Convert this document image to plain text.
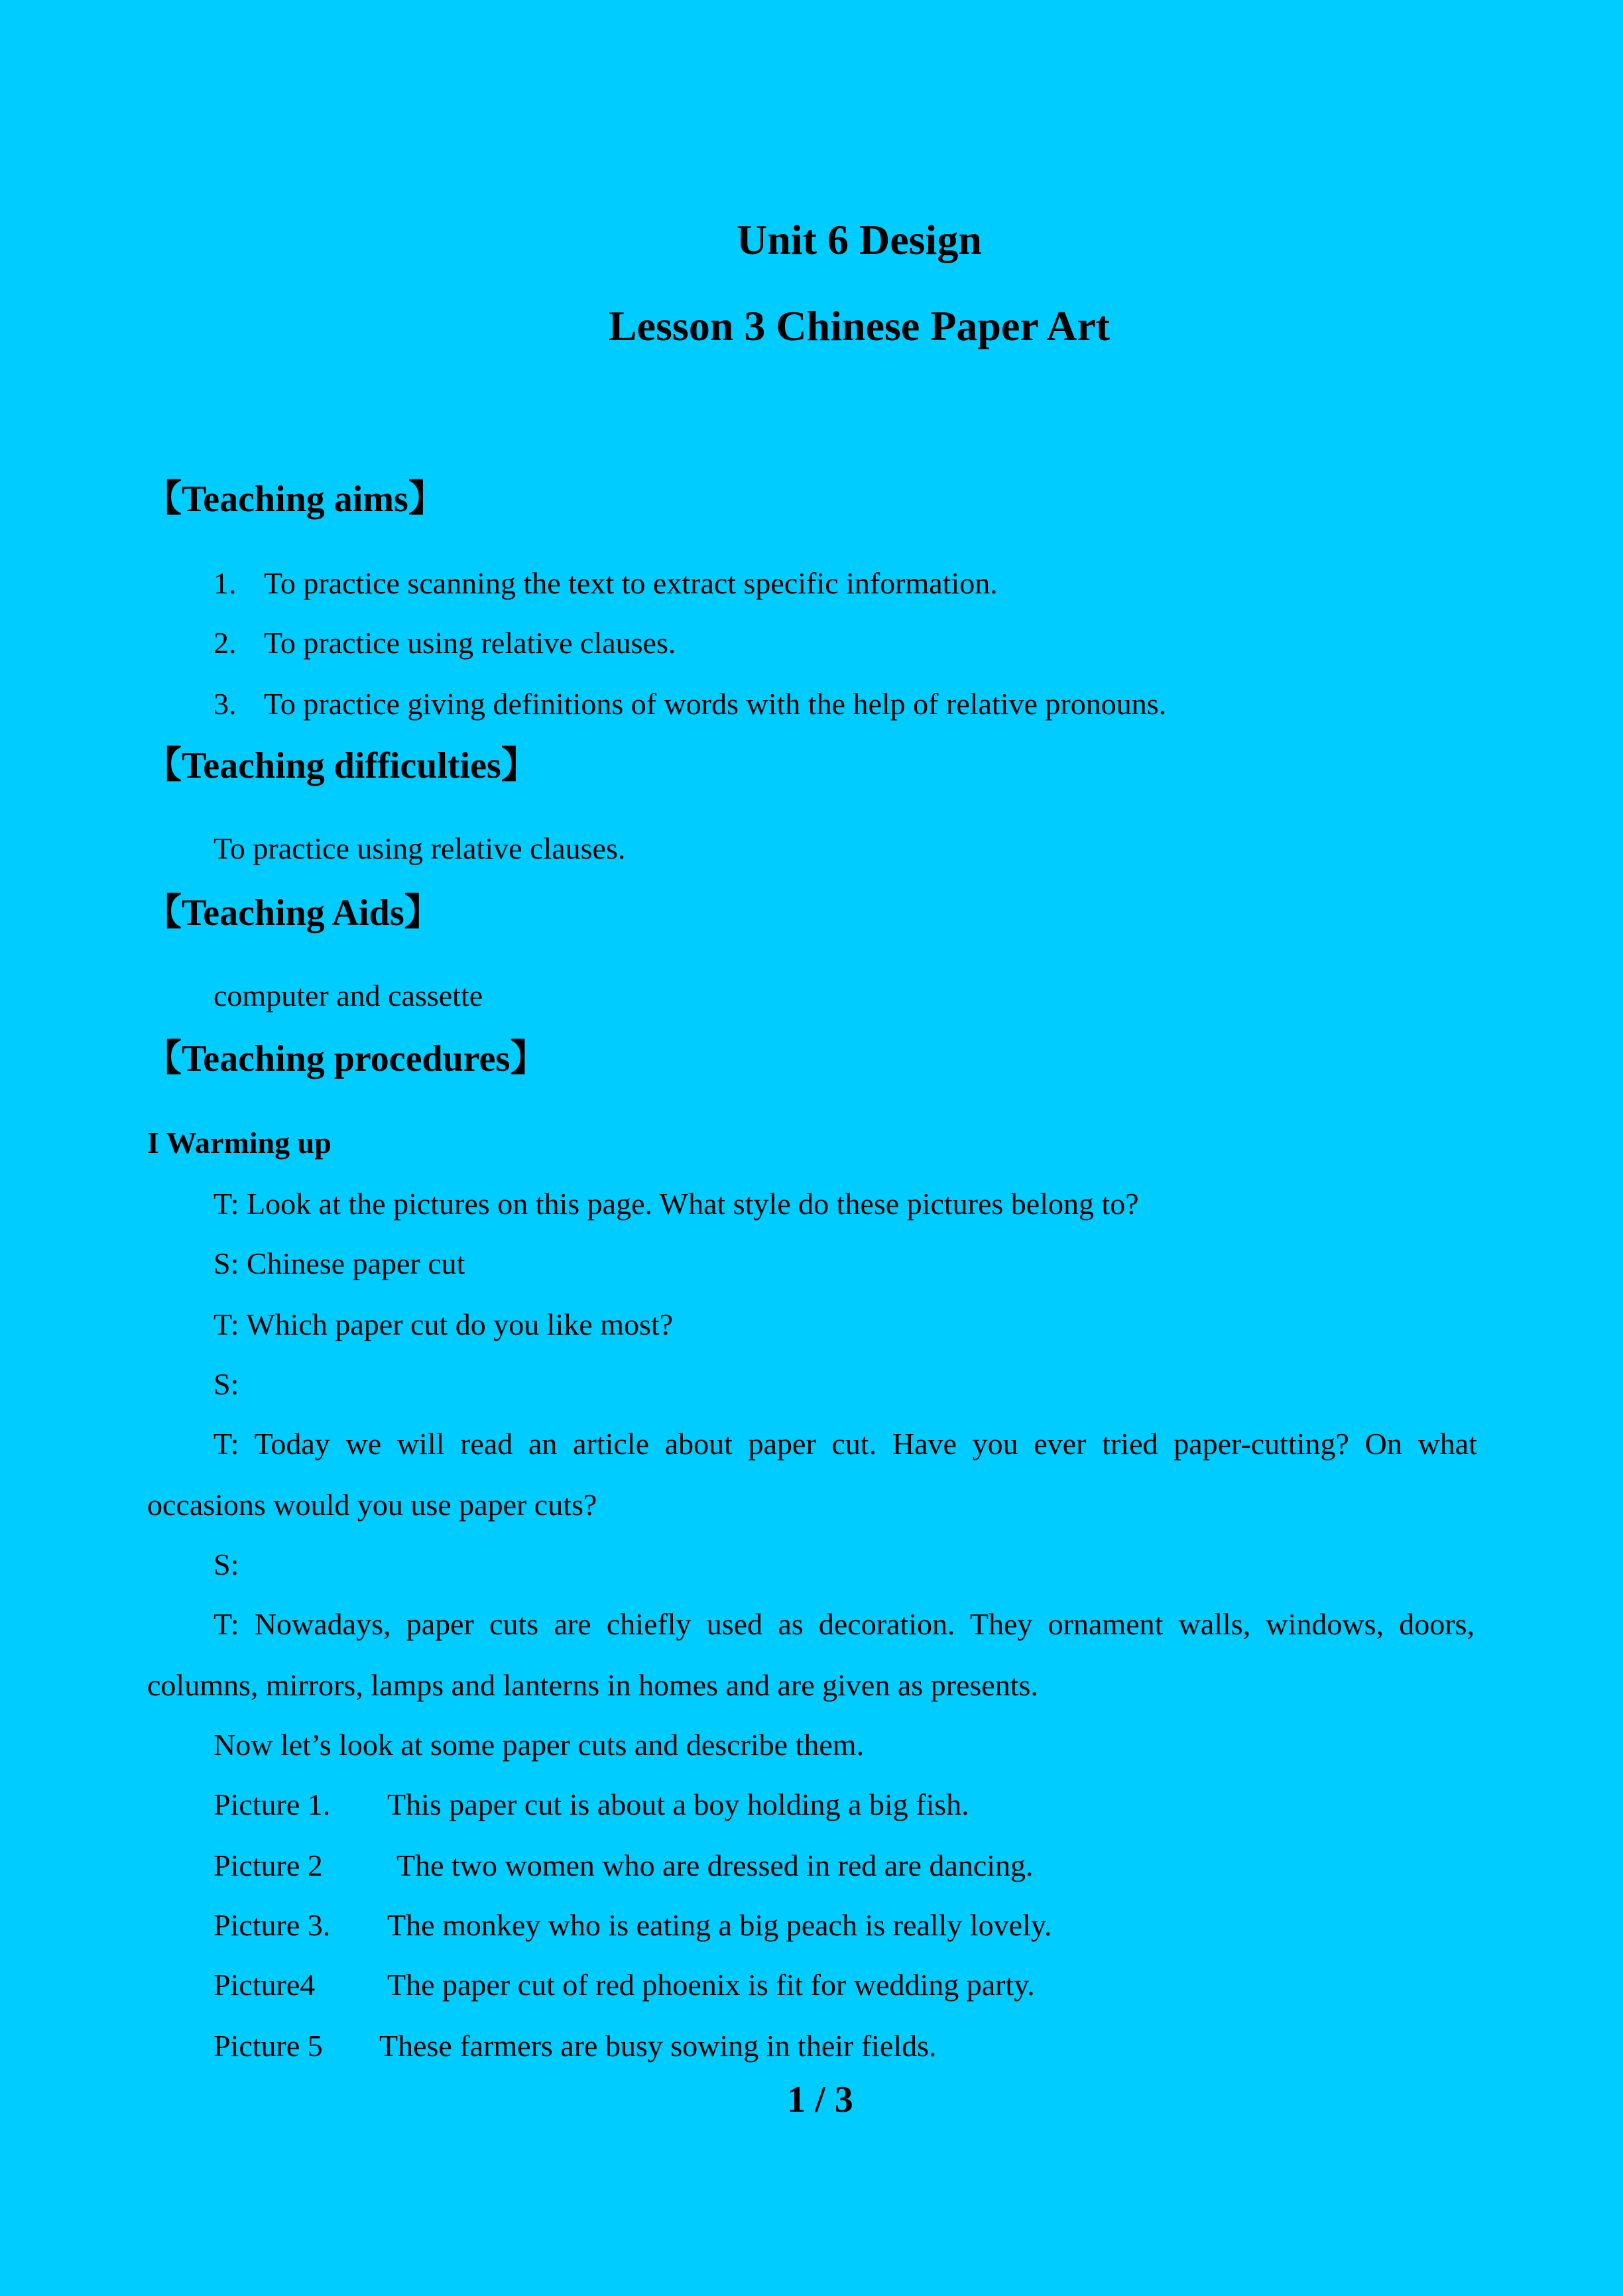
Unit 6 Design
Lesson 3 Chinese Paper Art
【Teaching aims】
1. To practice scanning the text to extract specific information.
2. To practice using relative clauses.
3. To practice giving definitions of words with the help of relative pronouns.
【Teaching difficulties】
To practice using relative clauses.
【Teaching Aids】
computer and cassette
【Teaching procedures】
I Warming up
T: Look at the pictures on this page. What style do these pictures belong to?
S: Chinese paper cut
T: Which paper cut do you like most?
S:
T: Today we will read an article about paper cut. Have you ever tried paper-cutting? On what
occasions would you use paper cuts?
S:
T: Nowadays, paper cuts are chiefly used as decoration. They ornament walls, windows, doors,
columns, mirrors, lamps and lanterns in homes and are given as presents.
Now let’s look at some paper cuts and describe them.
Picture 1. This paper cut is about a boy holding a big fish.
Picture 2 The two women who are dressed in red are dancing.
Picture 3. The monkey who is eating a big peach is really lovely.
Picture4 The paper cut of red phoenix is fit for wedding party.
Picture 5 These farmers are busy sowing in their fields.
1 / 3
